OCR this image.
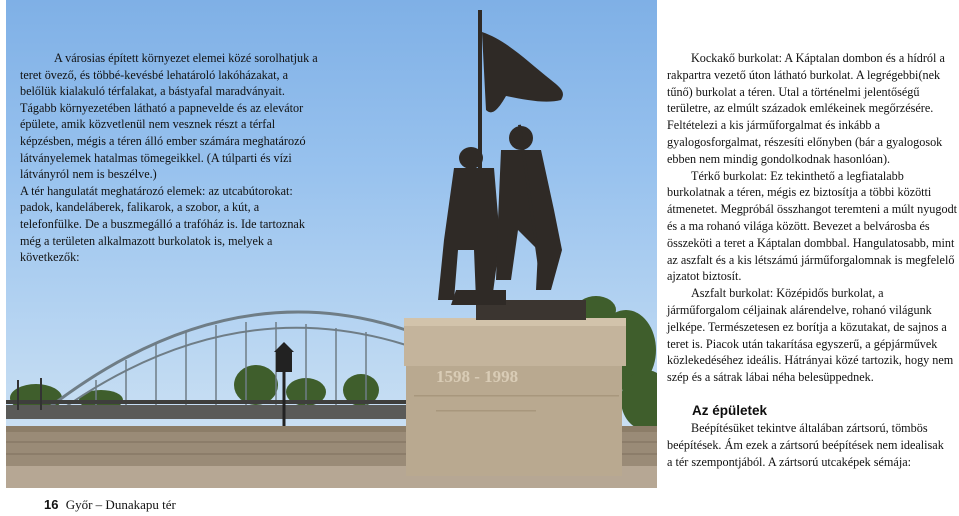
1598 - 1998

A városias épített környezet elemei közé sorolhatjuk a teret övező, és többé-kevésbé lehatároló lakóházakat, a belőlük kialakuló térfalakat, a bástyafal maradványait. Tágabb környezetében látható a papnevelde és az elevátor épülete, amik közvetlenül nem vesznek részt a térfal képzésben, mégis a téren álló ember számára meghatározó látványelemek hatalmas tömegeikkel. (A túlparti és vízi látványról nem is beszélve.)

A tér hangulatát meghatározó elemek: az utcabútorokat: padok, kandeláberek, falikarok, a szobor, a kút, a telefonfülke. De a buszmegálló a trafóház is. Ide tartoznak még a területen alkalmazott burkolatok is, melyek a következők:

Kockakő burkolat: A Káptalan dombon és a hídról a rakpartra vezető úton látható burkolat. A legrégebbi(nek tűnő) burkolat a téren. Utal a történelmi jelentőségű területre, az elmúlt századok emlékeinek megőrzésére. Feltételezi a kis járműforgalmat és inkább a gyalogosforgalmat, részesíti előnyben (bár a gyalogosok ebben nem mindig gondolkodnak hasonlóan).

Térkő burkolat: Ez tekinthető a legfiatalabb burkolatnak a téren, mégis ez biztosítja a többi közötti átmenetet. Megpróbál összhangot teremteni a múlt nyugodt és a ma rohanó világa között. Bevezet a belvárosba és összeköti a teret a Káptalan dombbal. Hangulatosabb, mint az aszfalt és a kis létszámú járműforgalomnak is megfelelő ajzatot biztosít.

Aszfalt burkolat: Középidős burkolat, a járműforgalom céljainak alárendelve, rohanó világunk jelképe. Természetesen ez borítja a közutakat, de sajnos a teret is. Piacok után takarítása egyszerű, a gépjárművek közlekedéséhez ideális. Hátrányai közé tartozik, hogy nem szép és a sátrak lábai néha belesüppednek.

Az épületek

Beépítésüket tekintve általában zártsorú, tömbös beépítések. Ám ezek a zártsorú beépítések nem idealisak a tér szempontjából. A zártsorú utcaképek sémája:

16 Győr – Dunakapu tér
